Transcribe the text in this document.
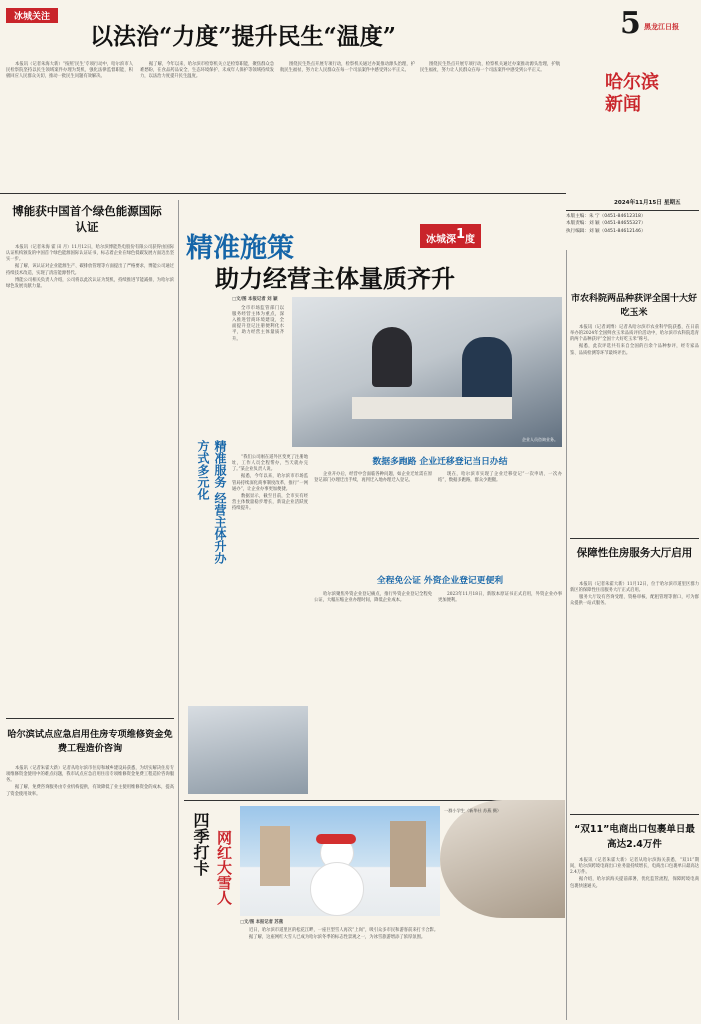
冰城关注
以法治“力度”提升民生“温度”

本报讯（记者朱海大新）“按照‘民生’专项行动中，哈尔滨市人民检察院坚持以民生领域案件办理为契机，强化法律监督职能，积极回应人民群众关切，推动一批民生问题有效解决。

据了解，今年以来，哈尔滨市检察机关立足检察职能，聚焦群众急难愁盼，在食品药品安全、生态环境保护、未成年人保护等领域持续发力，以法治力度提升民生温度。

围绕民生热点开展专项行动，检察机关通过办案推动源头治理，护航民生福祉，努力让人民群众在每一个司法案件中感受到公平正义。

围绕民生热点开展专项行动，检察机关通过办案推动源头治理，护航民生福祉，努力让人民群众在每一个司法案件中感受到公平正义。

5 黑龙江日报
哈尔滨新闻
2024年11月15日 星期五
本版主编：朱 宁（0451-84612318）
本版责编：刘 颖（0451-84655327）
执行编辑：刘 颖（0451-84612146）
博能获中国首个绿色能源国际认证

本报讯（记者朱海 霍 田 月）11月12日，哈尔滨博能热电股份有限公司获得由国际认证机构颁发的中国首个绿色能源国际认证证书，标志着企业在绿色低碳发展方面迈出坚实一步。

据了解，该认证对企业能源生产、碳排放管理等方面提出了严格要求，博能公司通过持续技术改造，实现了清洁能源替代。

博能公司相关负责人介绍，公司将以此次认证为契机，持续推进节能减排，为哈尔滨绿色发展贡献力量。

哈尔滨试点应急启用住房专项维修资金免费工程造价咨询

本报讯（记者朱霍大新）记者从哈尔滨市住房和城乡建设局获悉，为切实解决住房专项维修资金使用中的难点问题，我市试点应急启用住房专项维修资金免费工程造价咨询服务。

据了解，免费咨询服务由专业机构提供，有效降低了业主使用维修资金的成本，提高了资金使用效率。

精准施策	冰城深$^1$度
助力经营主体量质齐升
□文/图 本报记者 刘 颖

全市市场监管部门以服务经营主体为重点，深入推进营商环境建设，全面提升登记注册便利化水平，助力经营主体量质齐升。

企业人员咨询业务。
精准服务 经营主体升办方式多元化	“我们公司刚在道外区变更了注册地址，工作人员全程帮办，当天就办完了。”某企业负责人说。

据悉，今年以来，哈尔滨市市场监管局持续深化商事制度改革，推行“一网通办”，让企业办事更加便捷。

数据显示，截至目前，全市实有经营主体数量稳步增长，新设企业活跃度持续提升。

数据多跑路 企业迁移登记当日办结

企业开办后，经营中会面临各种问题，如企业迁址需在原登记部门办理迁出手续，再到迁入地办理迁入登记。

现在，哈尔滨市实现了企业迁移登记“一次申请、一次办结”，数据多跑路，群众少跑腿。

全程免公证 外资企业登记更便利

哈尔滨聚焦外资企业登记痛点，推行外资企业登记全程免公证，大幅压缩企业办理时间，降低企业成本。

2023年11月18日，新版本原证书正式启用，外资企业办事更加便利。

四季打卡 网红大雪人
一群小学生（新华社 苏燕 摄）
□文/图 本报记者 苏燕

近日，哈尔滨市道里区的松花江畔，一座巨型雪人再次“上岗”，吸引众多市民和游客前来打卡合影。

据了解，这座网红大雪人已成为哈尔滨冬季的标志性景观之一，为冰雪旅游增添了浓厚氛围。

市农科院两品种获评全国十大好吃玉米

本报讯（记者刘博）记者从哈尔滨市农业科学院获悉，在日前举办的2024年全国鲜食玉米品质评价活动中，哈尔滨市农科院选育的两个品种获评“全国十大好吃玉米”称号。

据悉，此次评选共有来自全国的百余个品种参评，经专家品鉴、品质检测等环节最终评出。

保障性住房服务大厅启用

本报讯（记者朱霍大新）11月12日，位于哈尔滨市道里区群力新区的保障性住房服务大厅正式启用。

服务大厅设有咨询受理、资格审核、配租管理等窗口，可为群众提供一站式服务。

“双11”电商出口包裹单日最高达2.4万件

本报讯（记者朱霍大新）记者从哈尔滨海关获悉，“双11”期间，哈尔滨跨境电商出口业务量持续增长，电商出口包裹单日最高达2.4万件。

据介绍，哈尔滨海关提前部署，优化监管流程，保障跨境电商包裹快速通关。
